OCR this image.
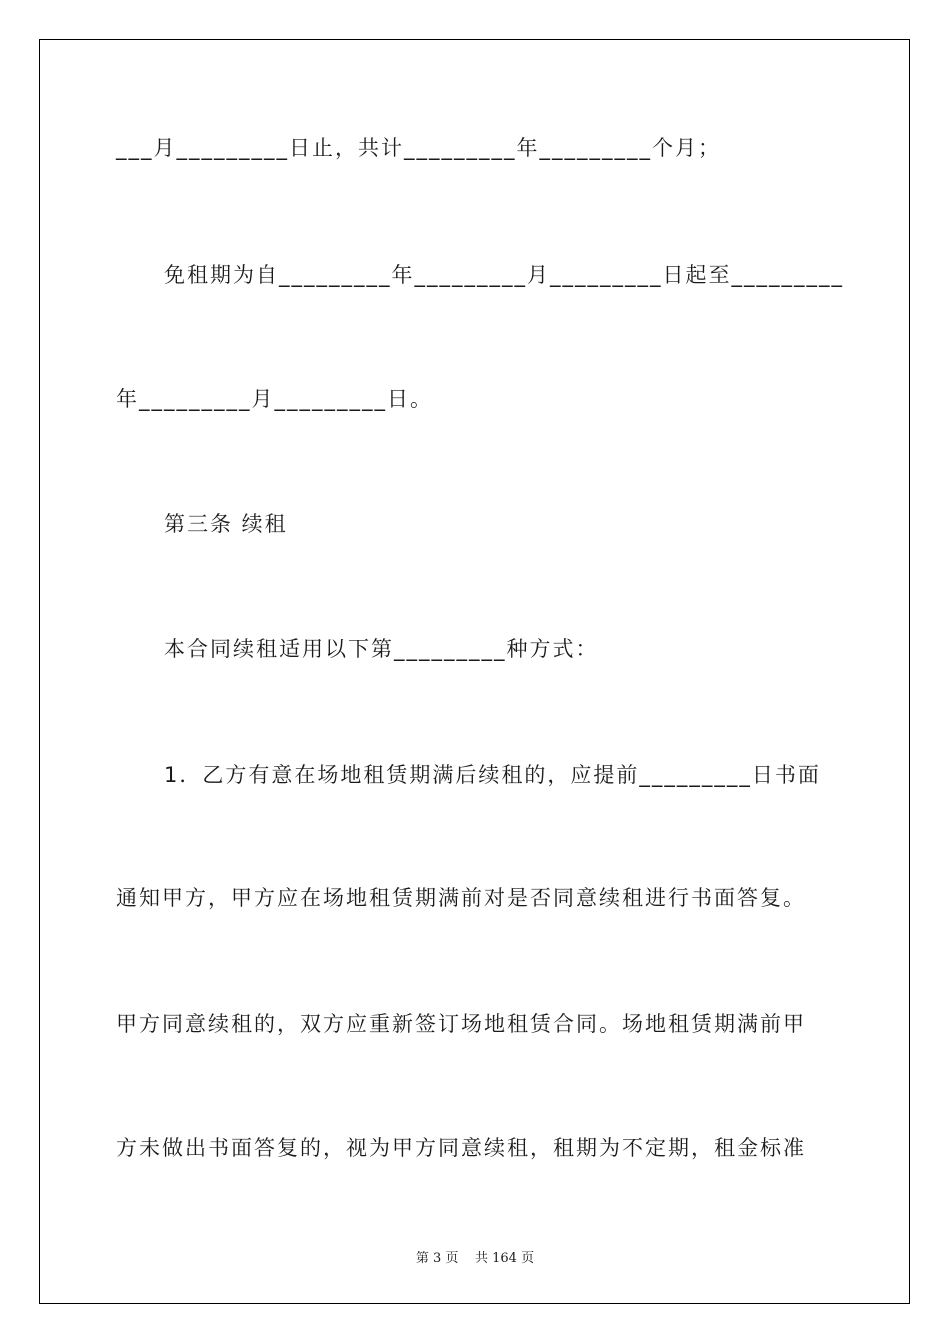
___月_________日止，共计_________年_________个月；
免租期为自_________年_________月_________日起至_________
年_________月_________日。
第三条 续租
本合同续租适用以下第_________种方式：
1．乙方有意在场地租赁期满后续租的，应提前_________日书面
通知甲方，甲方应在场地租赁期满前对是否同意续租进行书面答复。
甲方同意续租的，双方应重新签订场地租赁合同。场地租赁期满前甲
方未做出书面答复的，视为甲方同意续租，租期为不定期，租金标准
第 3 页    共 164 页
